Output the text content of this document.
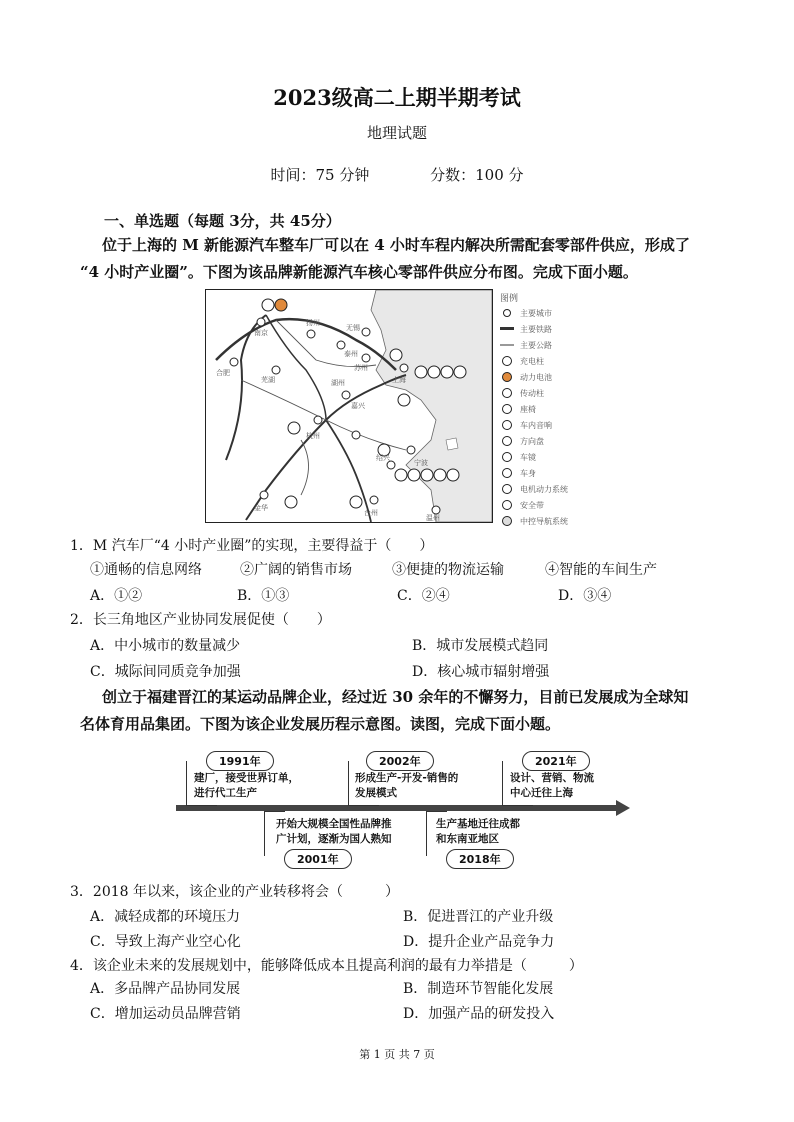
2023级高二上期半期考试
地理试题
时间：75 分钟	分数：100 分
一、单选题（每题 3分，共 45分）
位于上海的 M 新能源汽车整车厂可以在 4 小时车程内解决所需配套零部件供应，形成了
“4 小时产业圈”。下图为该品牌新能源汽车核心零部件供应分布图。完成下面小题。
南京
扬州
泰州
无锡
苏州
上海
合肥
芜湖	湖州
嘉兴
杭州
宁波
绍兴
金华
台州
温州
图例
主要城市
主要铁路
主要公路
充电柱
动力电池
传动柱
座椅
车内音响
方向盘
车镜
车身
电机动力系统
安全带
中控导航系统
1．M 汽车厂“4 小时产业圈”的实现，主要得益于（　　）
①通畅的信息网络	②广阔的销售市场	③便捷的物流运输	④智能的车间生产
A．①②	B．①③	C．②④	D．③④
2．长三角地区产业协同发展促使（　　）
A．中小城市的数量减少	B．城市发展模式趋同
C．城际间同质竞争加强	D．核心城市辐射增强
创立于福建晋江的某运动品牌企业，经过近 30 余年的不懈努力，目前已发展成为全球知
名体育用品集团。下图为该企业发展历程示意图。读图，完成下面小题。
1991年
建厂，接受世界订单，
进行代工生产
2002年
形成生产-开发-销售的
发展模式
2021年
设计、营销、物流
中心迁往上海
开始大规模全国性品牌推
广计划，逐渐为国人熟知
2001年
生产基地迁往成都
和东南亚地区
2018年
3．2018 年以来，该企业的产业转移将会（　　　）
A．减轻成都的环境压力	B．促进晋江的产业升级
C．导致上海产业空心化	D．提升企业产品竞争力
4．该企业未来的发展规划中，能够降低成本且提高利润的最有力举措是（　　　）
A．多品牌产品协同发展	B．制造环节智能化发展
C．增加运动员品牌营销	D．加强产品的研发投入
第 1 页 共 7 页
